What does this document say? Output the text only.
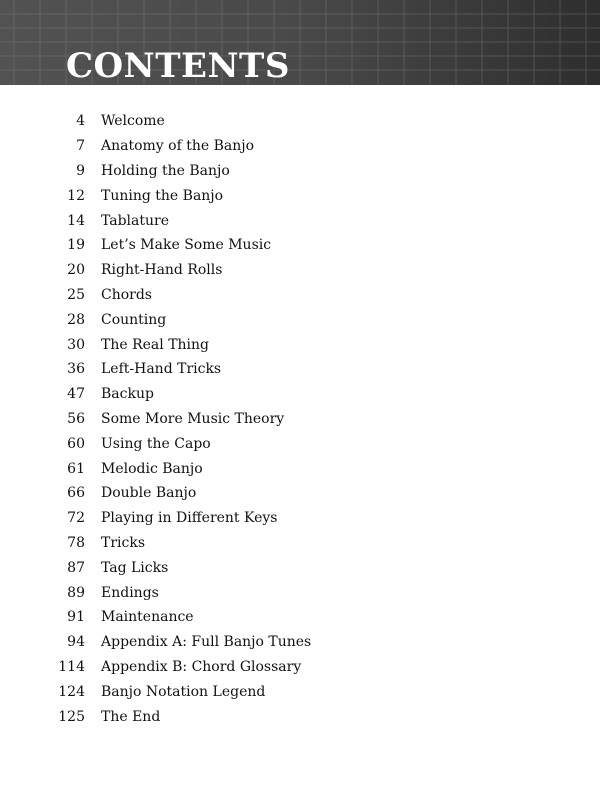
CONTENTS
4	Welcome
7	Anatomy of the Banjo
9	Holding the Banjo
12	Tuning the Banjo
14	Tablature
19	Let’s Make Some Music
20	Right-Hand Rolls
25	Chords
28	Counting
30	The Real Thing
36	Left-Hand Tricks
47	Backup
56	Some More Music Theory
60	Using the Capo
61	Melodic Banjo
66	Double Banjo
72	Playing in Different Keys
78	Tricks
87	Tag Licks
89	Endings
91	Maintenance
94	Appendix A: Full Banjo Tunes
114	Appendix B: Chord Glossary
124	Banjo Notation Legend
125	The End
